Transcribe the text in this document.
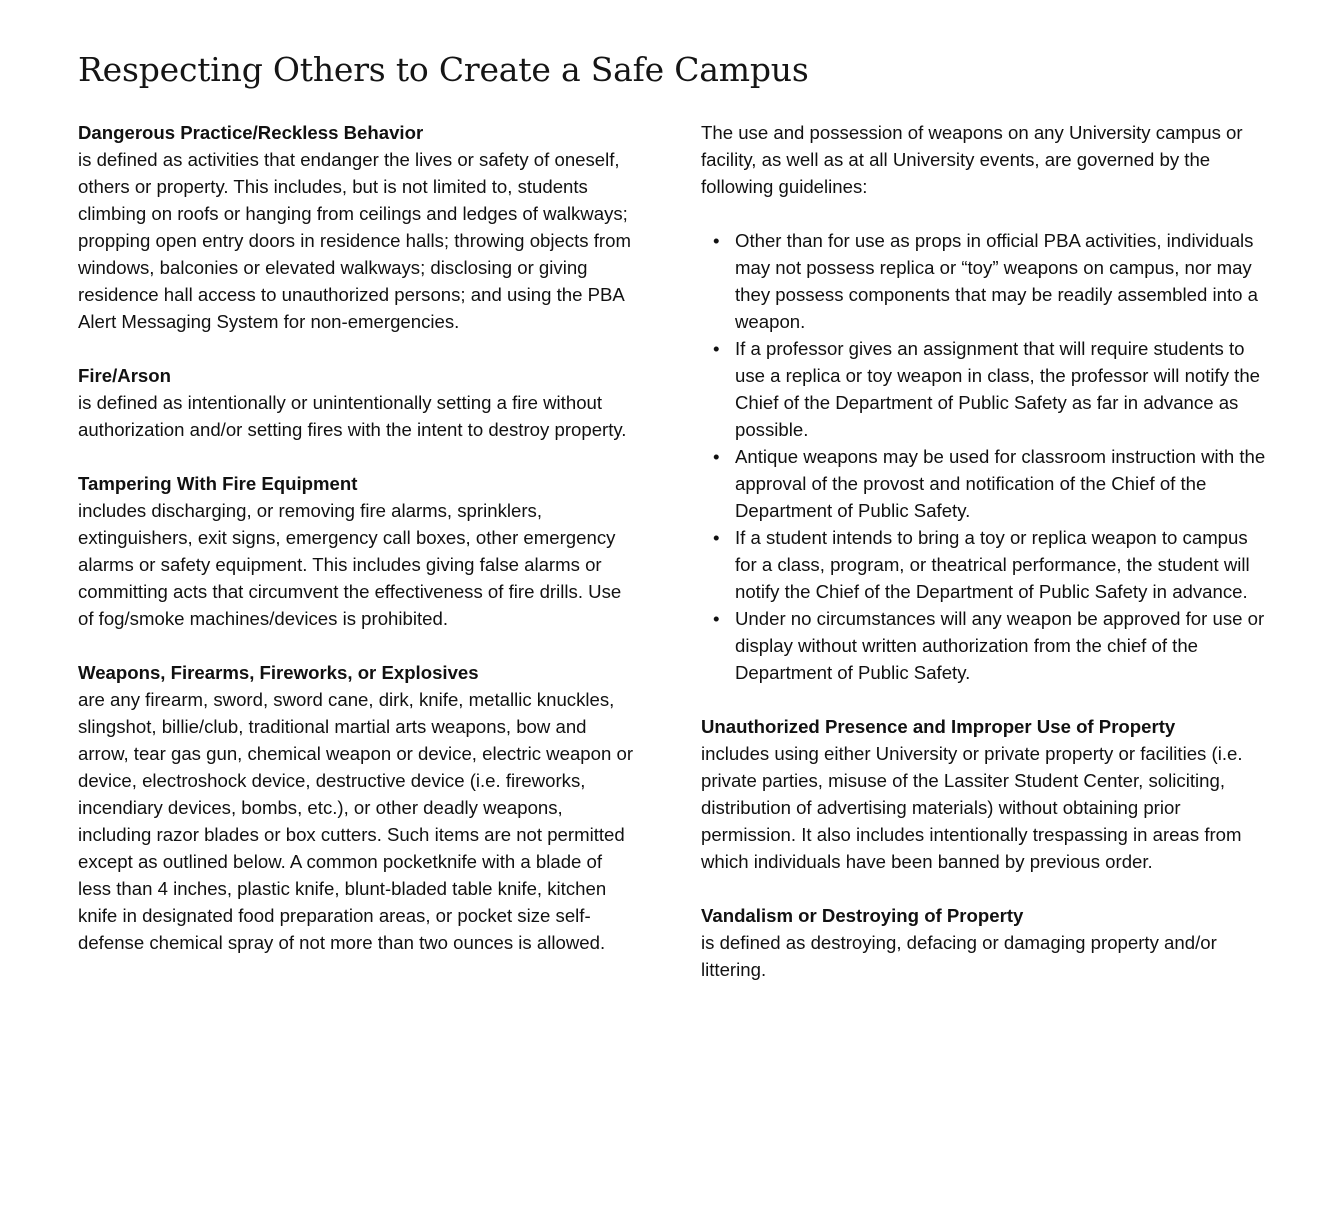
Respecting Others to Create a Safe Campus
Dangerous Practice/Reckless Behavior
is defined as activities that endanger the lives or safety of oneself, others or property. This includes, but is not limited to, students climbing on roofs or hanging from ceilings and ledges of walkways; propping open entry doors in residence halls; throwing objects from windows, balconies or elevated walkways; disclosing or giving residence hall access to unauthorized persons; and using the PBA Alert Messaging System for non-emergencies.
Fire/Arson
is defined as intentionally or unintentionally setting a fire without authorization and/or setting fires with the intent to destroy property.
Tampering With Fire Equipment
includes discharging, or removing fire alarms, sprinklers, extinguishers, exit signs, emergency call boxes, other emergency alarms or safety equipment. This includes giving false alarms or committing acts that circumvent the effectiveness of fire drills. Use of fog/smoke machines/devices is prohibited.
Weapons, Firearms, Fireworks, or Explosives
are any firearm, sword, sword cane, dirk, knife, metallic knuckles, slingshot, billie/club, traditional martial arts weapons, bow and arrow, tear gas gun, chemical weapon or device, electric weapon or device, electroshock device, destructive device (i.e. fireworks, incendiary devices, bombs, etc.), or other deadly weapons, including razor blades or box cutters. Such items are not permitted except as outlined below. A common pocketknife with a blade of less than 4 inches, plastic knife, blunt-bladed table knife, kitchen knife in designated food preparation areas, or pocket size self-defense chemical spray of not more than two ounces is allowed.
The use and possession of weapons on any University campus or facility, as well as at all University events, are governed by the following guidelines:
• Other than for use as props in official PBA activities, individuals may not possess replica or “toy” weapons on campus, nor may they possess components that may be readily assembled into a weapon.
• If a professor gives an assignment that will require students to use a replica or toy weapon in class, the professor will notify the Chief of the Department of Public Safety as far in advance as possible.
• Antique weapons may be used for classroom instruction with the approval of the provost and notification of the Chief of the Department of Public Safety.
• If a student intends to bring a toy or replica weapon to campus for a class, program, or theatrical performance, the student will notify the Chief of the Department of Public Safety in advance.
• Under no circumstances will any weapon be approved for use or display without written authorization from the chief of the Department of Public Safety.
Unauthorized Presence and Improper Use of Property
includes using either University or private property or facilities (i.e. private parties, misuse of the Lassiter Student Center, soliciting, distribution of advertising materials) without obtaining prior permission. It also includes intentionally trespassing in areas from which individuals have been banned by previous order.
Vandalism or Destroying of Property
is defined as destroying, defacing or damaging property and/or littering.
